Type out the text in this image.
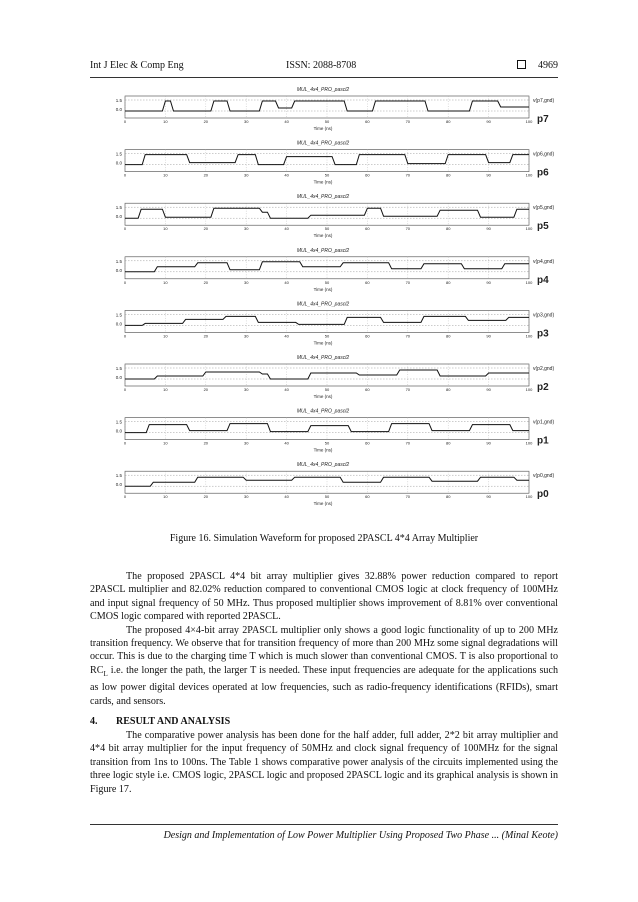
Int J Elec & Comp Eng	ISSN: 2088-8708	4969
MUL_4x4_PRO_pascl2
0	10	20	30	40	50	60	70	80	90	100
1.5
0.0
Time (ns)
v(p7,gnd)
p7
MUL_4x4_PRO_pascl2
0	10	20	30	40	50	60	70	80	90	100
1.5
0.0
Time (ns)
v(p6,gnd)
p6
MUL_4x4_PRO_pascl2
0	10	20	30	40	50	60	70	80	90	100
1.5
0.0
Time (ns)
v(p5,gnd)
p5
MUL_4x4_PRO_pascl2
0	10	20	30	40	50	60	70	80	90	100
1.5
0.0
Time (ns)
v(p4,gnd)
p4
MUL_4x4_PRO_pascl2
0	10	20	30	40	50	60	70	80	90	100
1.5
0.0
Time (ns)
v(p3,gnd)
p3
MUL_4x4_PRO_pascl2
0	10	20	30	40	50	60	70	80	90	100
1.5
0.0
Time (ns)
v(p2,gnd)
p2
MUL_4x4_PRO_pascl2
0	10	20	30	40	50	60	70	80	90	100
1.5
0.0
Time (ns)
v(p1,gnd)
p1
MUL_4x4_PRO_pascl2
0	10	20	30	40	50	60	70	80	90	100
1.5
0.0
Time (ns)
v(p0,gnd)
p0
Figure 16. Simulation Waveform for proposed 2PASCL 4*4 Array Multiplier

The proposed 2PASCL 4*4 bit array multiplier gives 32.88% power reduction compared to report 2PASCL multiplier and 82.02% reduction compared to conventional CMOS logic at clock frequency of 100MHz and input signal frequency of 50 MHz. Thus proposed multiplier shows improvement of 8.81% over conventional CMOS logic compared with reported 2PASCL.

The proposed 4×4-bit array 2PASCL multiplier only shows a good logic functionality of up to 200 MHz transition frequency. We observe that for transition frequency of more than 200 MHz some signal degradations will occur. This is due to the charging time T which is much slower than conventional CMOS. T is also proportional to $RC_L$ i.e. the longer the path, the larger T is needed. These input frequencies are adequate for the applications such as low power digital devices operated at low frequencies, such as radio-frequency identifications (RFIDs), smart cards, and sensors.

4. RESULT AND ANALYSIS

The comparative power analysis has been done for the half adder, full adder, 2*2 bit array multiplier and 4*4 bit array multiplier for the input frequency of 50MHz and clock signal frequency of 100MHz for the signal transition from 1ns to 100ns. The Table 1 shows comparative power analysis of the circuits implemented using the three logic style i.e. CMOS logic, 2PASCL logic and proposed 2PASCL logic and its graphical analysis is shown in Figure 17.

Design and Implementation of Low Power Multiplier Using Proposed Two Phase ... (Minal Keote)
